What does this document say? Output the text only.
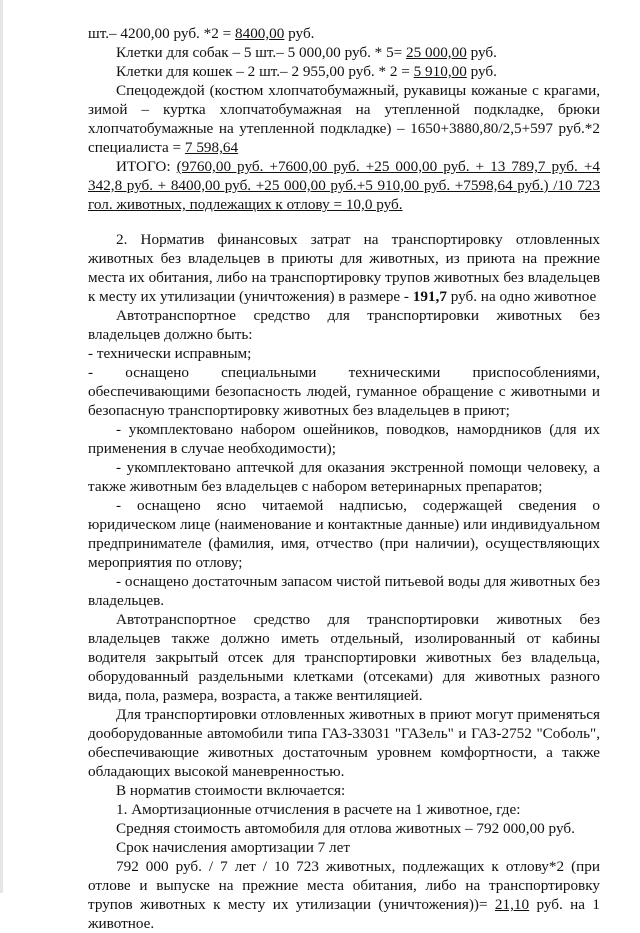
шт.– 4200,00 руб. *2 = 8400,00 руб.

Клетки для собак – 5 шт.– 5 000,00 руб. * 5= 25 000,00 руб.

Клетки для кошек – 2 шт.– 2 955,00 руб. * 2 = 5 910,00 руб.

Спецодеждой (костюм хлопчатобумажный, рукавицы кожаные с крагами, зимой – куртка хлопчатобумажная на утепленной подкладке, брюки хлопчатобумажные на утепленной подкладке) – 1650+3880,80/2,5+597 руб.*2 специалиста = 7 598,64

ИТОГО: (9760,00 руб. +7600,00 руб. +25 000,00 руб. + 13 789,7 руб. +4 342,8 руб. + 8400,00 руб. +25 000,00 руб.+5 910,00 руб. +7598,64 руб.) /10 723 гол. животных, подлежащих к отлову = 10,0 руб.

2. Норматив финансовых затрат на транспортировку отловленных животных без владельцев в приюты для животных, из приюта на прежние места их обитания, либо на транспортировку трупов животных без владельцев к месту их утилизации (уничтожения) в размере - 191,7 руб. на одно животное

Автотранспортное средство для транспортировки животных без владельцев должно быть:

- технически исправным;

- оснащено специальными техническими приспособлениями, обеспечивающими безопасность людей, гуманное обращение с животными и безопасную транспортировку животных без владельцев в приют;

- укомплектовано набором ошейников, поводков, намордников (для их применения в случае необходимости);

- укомплектовано аптечкой для оказания экстренной помощи человеку, а также животным без владельцев с набором ветеринарных препаратов;

- оснащено ясно читаемой надписью, содержащей сведения о юридическом лице (наименование и контактные данные) или индивидуальном предпринимателе (фамилия, имя, отчество (при наличии), осуществляющих мероприятия по отлову;

- оснащено достаточным запасом чистой питьевой воды для животных без владельцев.

Автотранспортное средство для транспортировки животных без владельцев также должно иметь отдельный, изолированный от кабины водителя закрытый отсек для транспортировки животных без владельца, оборудованный раздельными клетками (отсеками) для животных разного вида, пола, размера, возраста, а также вентиляцией.

Для транспортировки отловленных животных в приют могут применяться дооборудованные автомобили типа ГАЗ-33031 "ГАЗель" и ГАЗ-2752 "Соболь", обеспечивающие животных достаточным уровнем комфортности, а также обладающих высокой маневренностью.

В норматив стоимости включается:

1. Амортизационные отчисления в расчете на 1 животное, где:

Средняя стоимость автомобиля для отлова животных – 792 000,00 руб.

Срок начисления амортизации 7 лет

792 000 руб. / 7 лет / 10 723 животных, подлежащих к отлову*2 (при отлове и выпуске на прежние места обитания, либо на транспортировку трупов животных к месту их утилизации (уничтожения))= 21,10 руб. на 1 животное.
